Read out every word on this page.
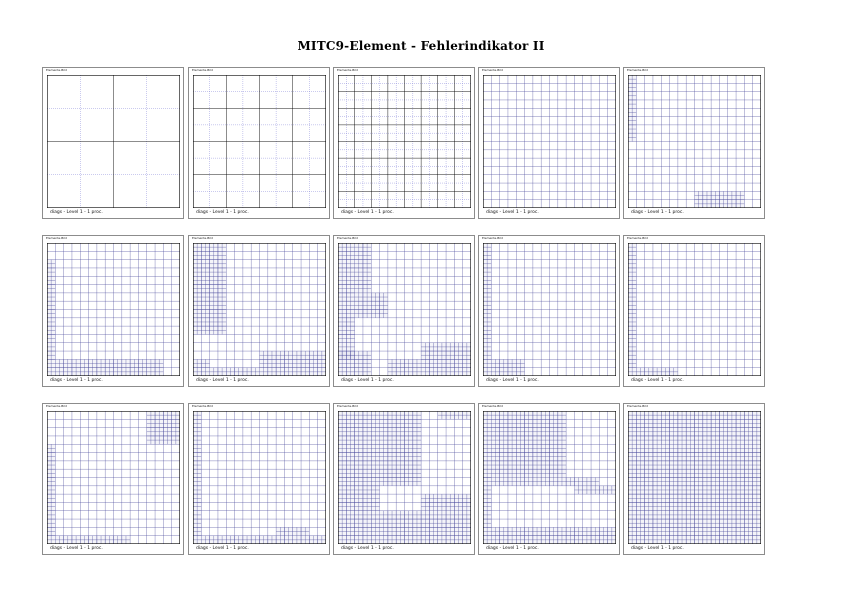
MITC9-Element - Fehlerindikator II
Elemente-Bild
diags - Level 1 - 1 proc.
Elemente-Bild
diags - Level 1 - 1 proc.
Elemente-Bild
diags - Level 1 - 1 proc.
Elemente-Bild
diags - Level 1 - 1 proc.
Elemente-Bild
diags - Level 1 - 1 proc.
Elemente-Bild
diags - Level 1 - 1 proc.
Elemente-Bild
diags - Level 1 - 1 proc.
Elemente-Bild
diags - Level 1 - 1 proc.
Elemente-Bild
diags - Level 1 - 1 proc.
Elemente-Bild
diags - Level 1 - 1 proc.
Elemente-Bild
diags - Level 1 - 1 proc.
Elemente-Bild
diags - Level 1 - 1 proc.
Elemente-Bild
diags - Level 1 - 1 proc.
Elemente-Bild
diags - Level 1 - 1 proc.
Elemente-Bild
diags - Level 1 - 1 proc.
